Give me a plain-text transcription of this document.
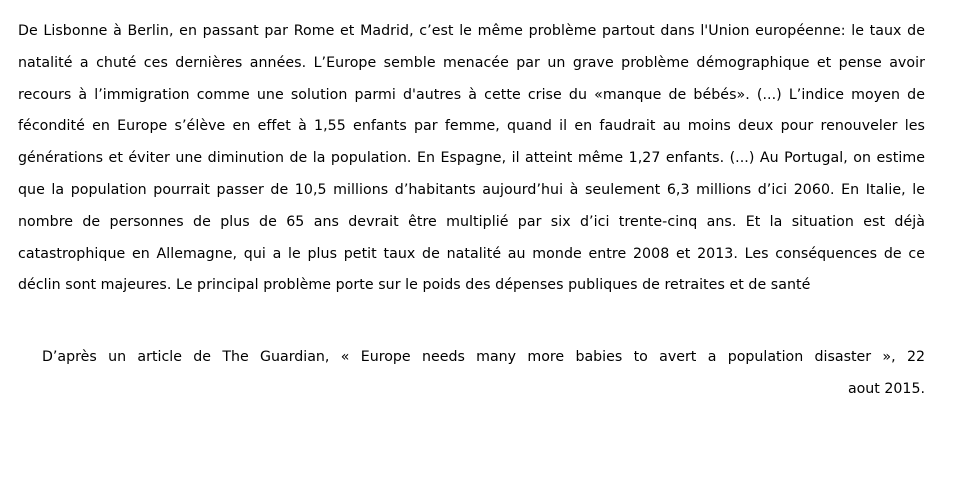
De Lisbonne à Berlin, en passant par Rome et Madrid, c’est le même problème partout dans l'Union européenne: le taux de natalité a chuté ces dernières années. L’Europe semble menacée par un grave problème démographique et pense avoir recours à l’immigration comme une solution parmi d'autres à cette crise du «manque de bébés». (...) L’indice moyen de fécondité en Europe s’élève en effet à 1,55 enfants par femme, quand il en faudrait au moins deux pour renouveler les générations et éviter une diminution de la population. En Espagne, il atteint même 1,27 enfants. (...) Au Portugal, on estime que la population pourrait passer de 10,5 millions d’habitants aujourd’hui à seulement 6,3 millions d’ici 2060. En Italie, le nombre de personnes de plus de 65 ans devrait être multiplié par six d’ici trente-cinq ans. Et la situation est déjà catastrophique en Allemagne, qui a le plus petit taux de natalité au monde entre 2008 et 2013. Les conséquences de ce déclin sont majeures. Le principal problème porte sur le poids des dépenses publiques de retraites et de santé

D’après un article de The Guardian, « Europe needs many more babies to avert a population disaster », 22
aout 2015.
